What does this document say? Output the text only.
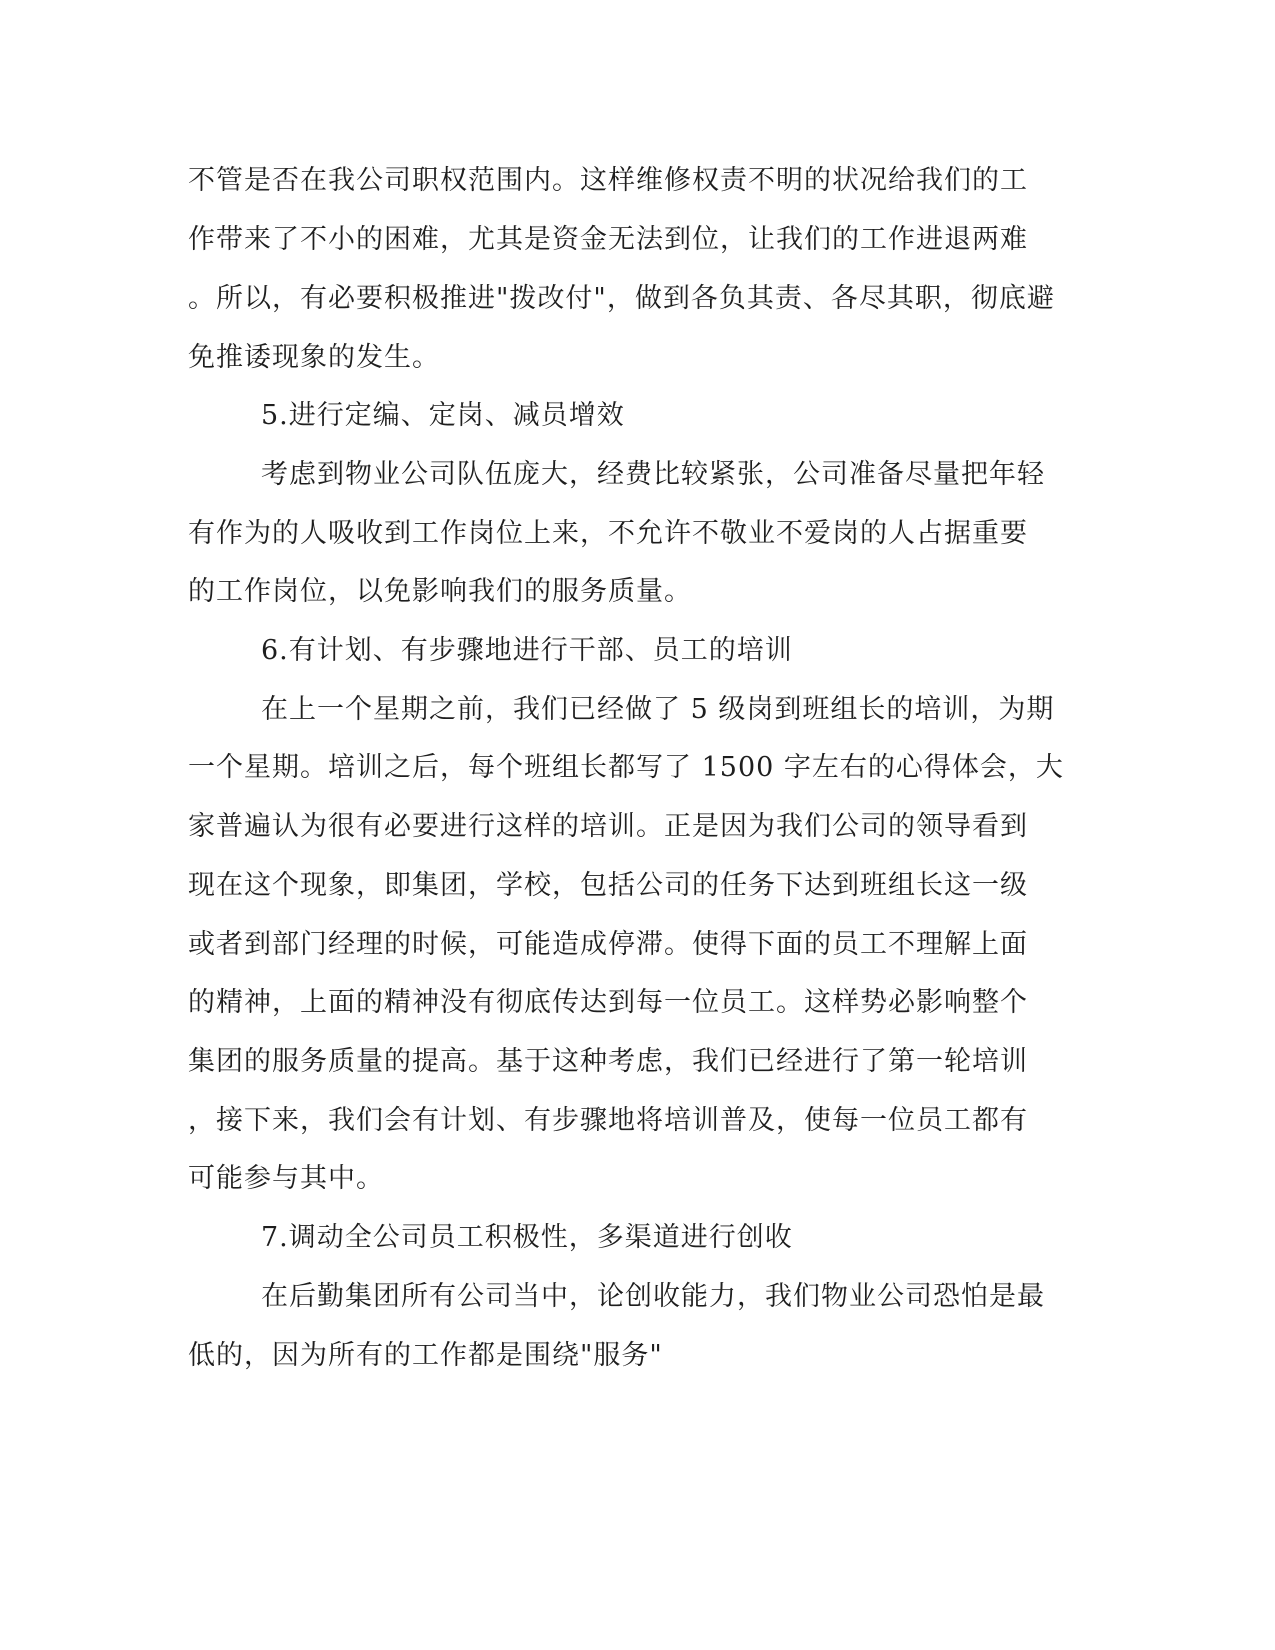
不管是否在我公司职权范围内。这样维修权责不明的状况给我们的工
作带来了不小的困难，尤其是资金无法到位，让我们的工作进退两难
。所以，有必要积极推进"拨改付"，做到各负其责、各尽其职，彻底避
免推诿现象的发生。
5.进行定编、定岗、减员增效
考虑到物业公司队伍庞大，经费比较紧张，公司准备尽量把年轻
有作为的人吸收到工作岗位上来，不允许不敬业不爱岗的人占据重要
的工作岗位，以免影响我们的服务质量。
6.有计划、有步骤地进行干部、员工的培训
在上一个星期之前，我们已经做了 5 级岗到班组长的培训，为期
一个星期。培训之后，每个班组长都写了 1500 字左右的心得体会，大
家普遍认为很有必要进行这样的培训。正是因为我们公司的领导看到
现在这个现象，即集团，学校，包括公司的任务下达到班组长这一级
或者到部门经理的时候，可能造成停滞。使得下面的员工不理解上面
的精神，上面的精神没有彻底传达到每一位员工。这样势必影响整个
集团的服务质量的提高。基于这种考虑，我们已经进行了第一轮培训
，接下来，我们会有计划、有步骤地将培训普及，使每一位员工都有
可能参与其中。
7.调动全公司员工积极性，多渠道进行创收
在后勤集团所有公司当中，论创收能力，我们物业公司恐怕是最
低的，因为所有的工作都是围绕"服务"
